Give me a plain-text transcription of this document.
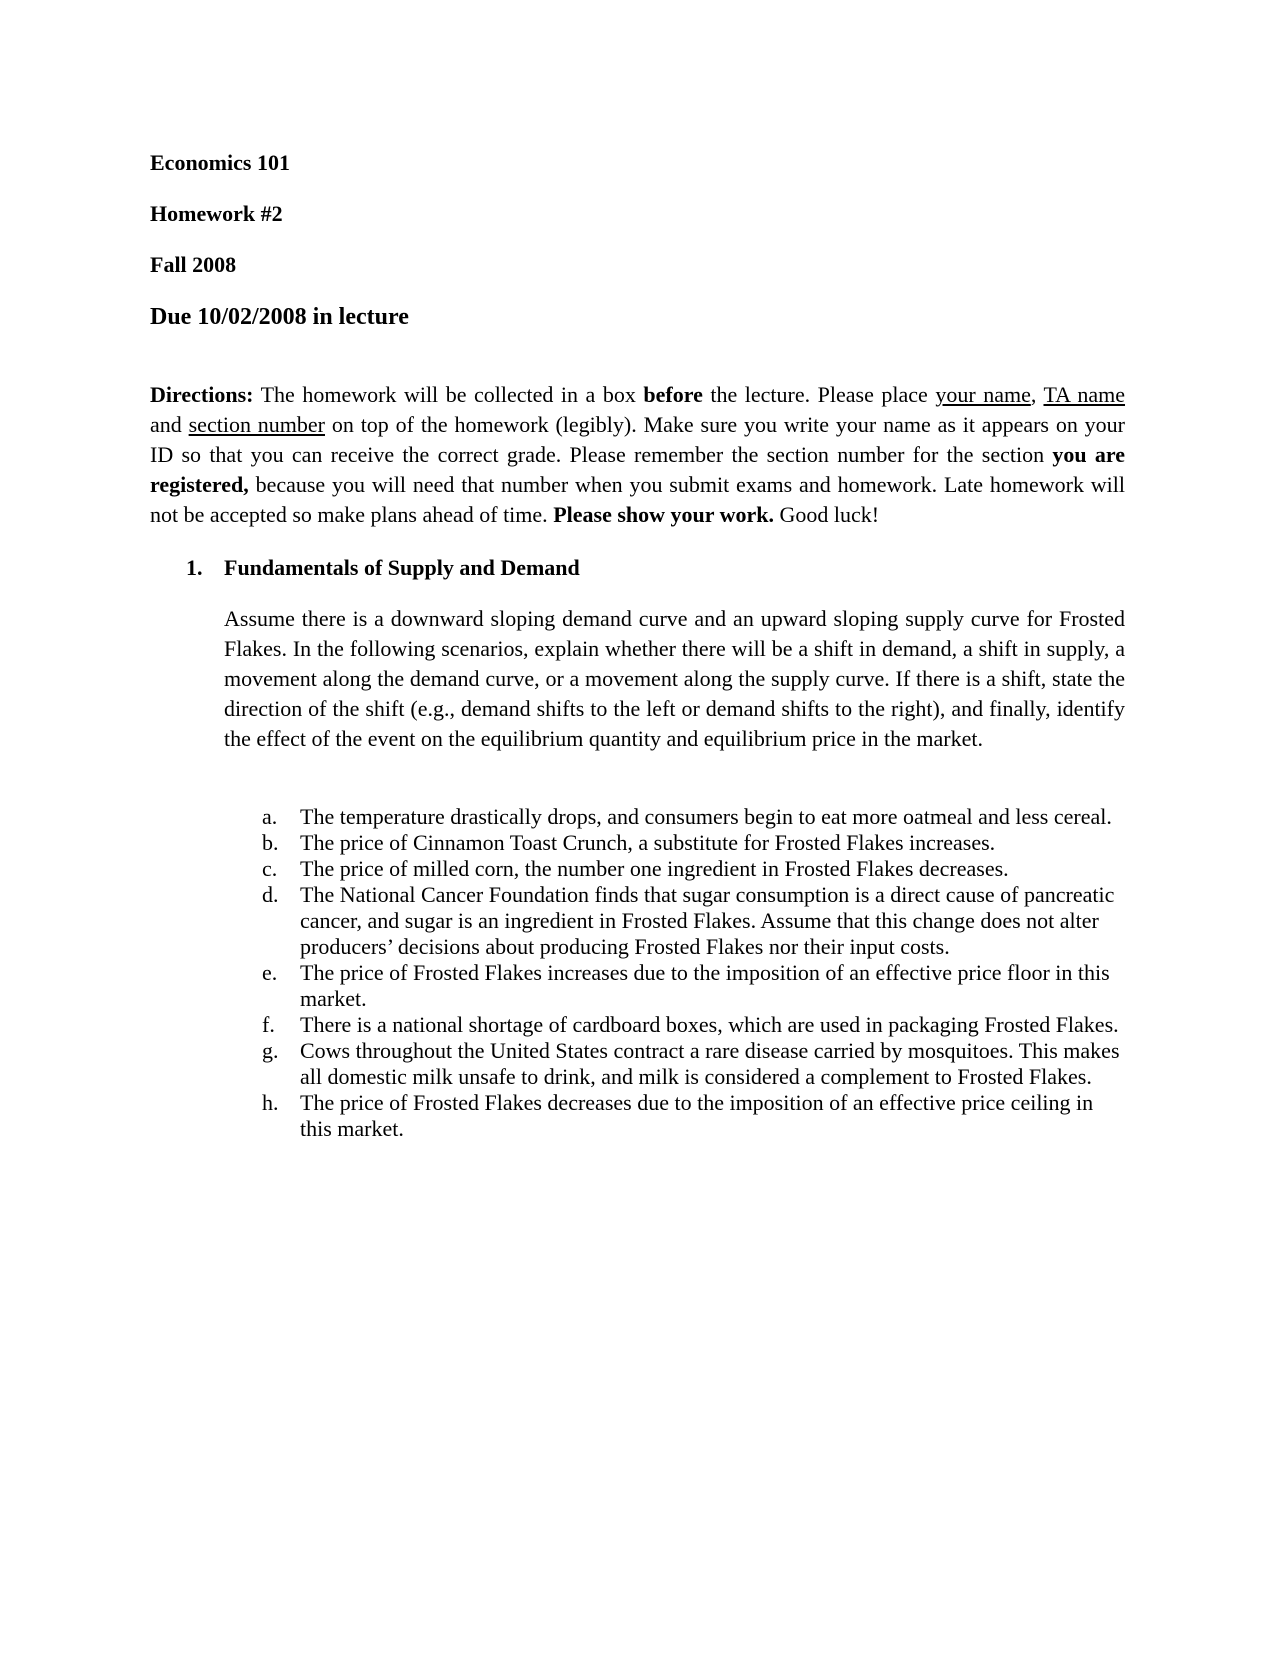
Economics 101
Homework #2
Fall 2008
Due 10/02/2008 in lecture
Directions: The homework will be collected in a box before the lecture. Please place your name, TA name and section number on top of the homework (legibly). Make sure you write your name as it appears on your ID so that you can receive the correct grade. Please remember the section number for the section you are registered, because you will need that number when you submit exams and homework. Late homework will not be accepted so make plans ahead of time. Please show your work. Good luck!
1. Fundamentals of Supply and Demand
Assume there is a downward sloping demand curve and an upward sloping supply curve for Frosted Flakes. In the following scenarios, explain whether there will be a shift in demand, a shift in supply, a movement along the demand curve, or a movement along the supply curve. If there is a shift, state the direction of the shift (e.g., demand shifts to the left or demand shifts to the right), and finally, identify the effect of the event on the equilibrium quantity and equilibrium price in the market.
a. The temperature drastically drops, and consumers begin to eat more oatmeal and less cereal.
b. The price of Cinnamon Toast Crunch, a substitute for Frosted Flakes increases.
c. The price of milled corn, the number one ingredient in Frosted Flakes decreases.
d. The National Cancer Foundation finds that sugar consumption is a direct cause of pancreatic cancer, and sugar is an ingredient in Frosted Flakes. Assume that this change does not alter producers’ decisions about producing Frosted Flakes nor their input costs.
e. The price of Frosted Flakes increases due to the imposition of an effective price floor in this market.
f. There is a national shortage of cardboard boxes, which are used in packaging Frosted Flakes.
g. Cows throughout the United States contract a rare disease carried by mosquitoes. This makes all domestic milk unsafe to drink, and milk is considered a complement to Frosted Flakes.
h. The price of Frosted Flakes decreases due to the imposition of an effective price ceiling in this market.
